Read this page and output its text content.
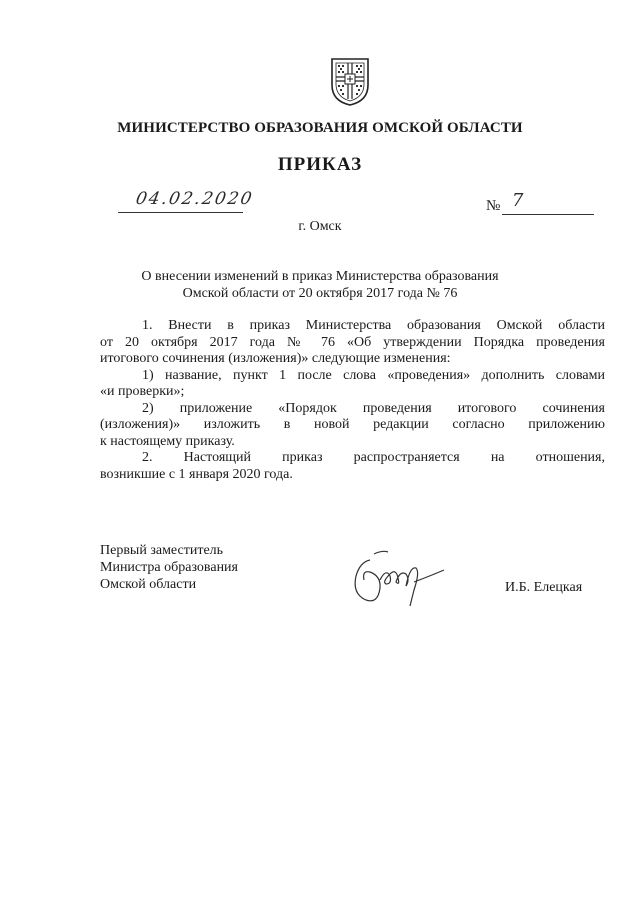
МИНИСТЕРСТВО ОБРАЗОВАНИЯ ОМСКОЙ ОБЛАСТИ
ПРИКАЗ
04.02.2020	№ 7
г. Омск
О внесении изменений в приказ Министерства образования
Омской области от 20 октября 2017 года № 76
1. Внести в приказ Министерства образования Омской области
от 20 октября 2017 года № 76 «Об утверждении Порядка проведения
итогового сочинения (изложения)» следующие изменения:
1) название, пункт 1 после слова «проведения» дополнить словами
«и проверки»;
2) приложение «Порядок проведения итогового сочинения
(изложения)» изложить в новой редакции согласно приложению
к настоящему приказу.
2. Настоящий приказ распространяется на отношения,
возникшие с 1 января 2020 года.
Первый заместитель
Министра образования
Омской области	И.Б. Елецкая
